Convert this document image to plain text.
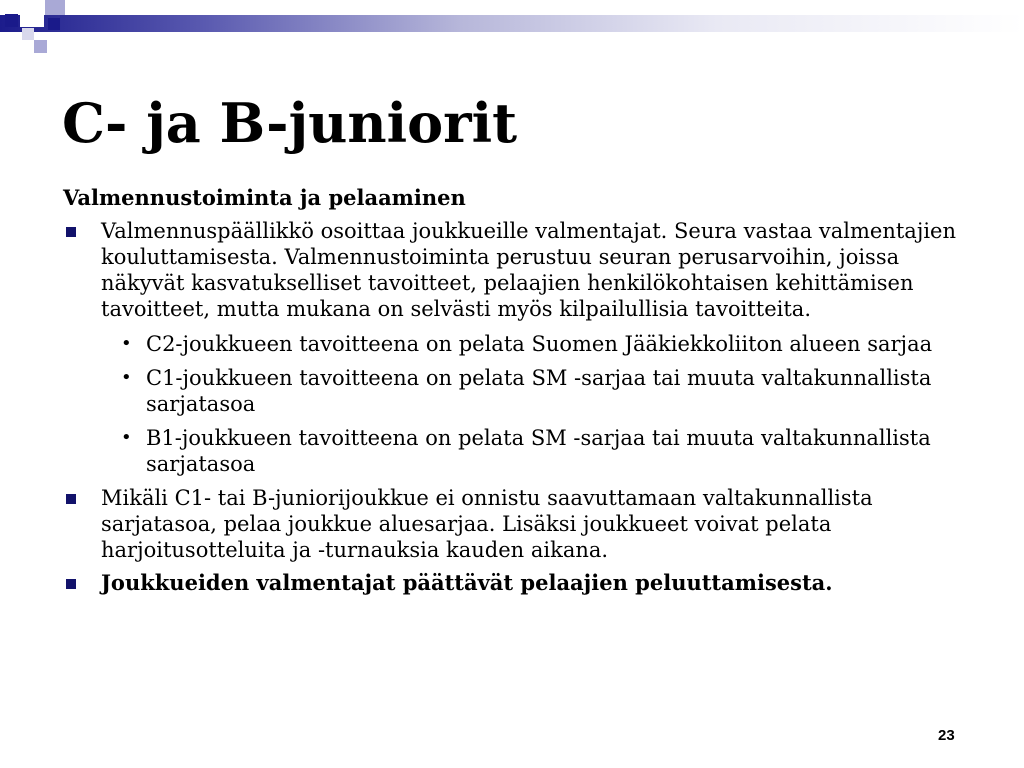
C- ja B-juniorit
Valmennustoiminta ja pelaaminen
Valmennuspäällikkö osoittaa joukkueille valmentajat. Seura vastaa valmentajien kouluttamisesta. Valmennustoiminta perustuu seuran perusarvoihin, joissa näkyvät kasvatukselliset tavoitteet, pelaajien henkilökohtaisen kehittämisen tavoitteet, mutta mukana on selvästi myös kilpailullisia tavoitteita.
• C2-joukkueen tavoitteena on pelata Suomen Jääkiekkoliiton alueen sarjaa
• C1-joukkueen tavoitteena on pelata SM -sarjaa tai muuta valtakunnallista sarjatasoa
• B1-joukkueen tavoitteena on pelata SM -sarjaa tai muuta valtakunnallista sarjatasoa
Mikäli C1- tai B-juniorijoukkue ei onnistu saavuttamaan valtakunnallista sarjatasoa, pelaa joukkue aluesarjaa. Lisäksi joukkueet voivat pelata harjoitusotteluita ja -turnauksia kauden aikana.
Joukkueiden valmentajat päättävät pelaajien peluuttamisesta.
23
